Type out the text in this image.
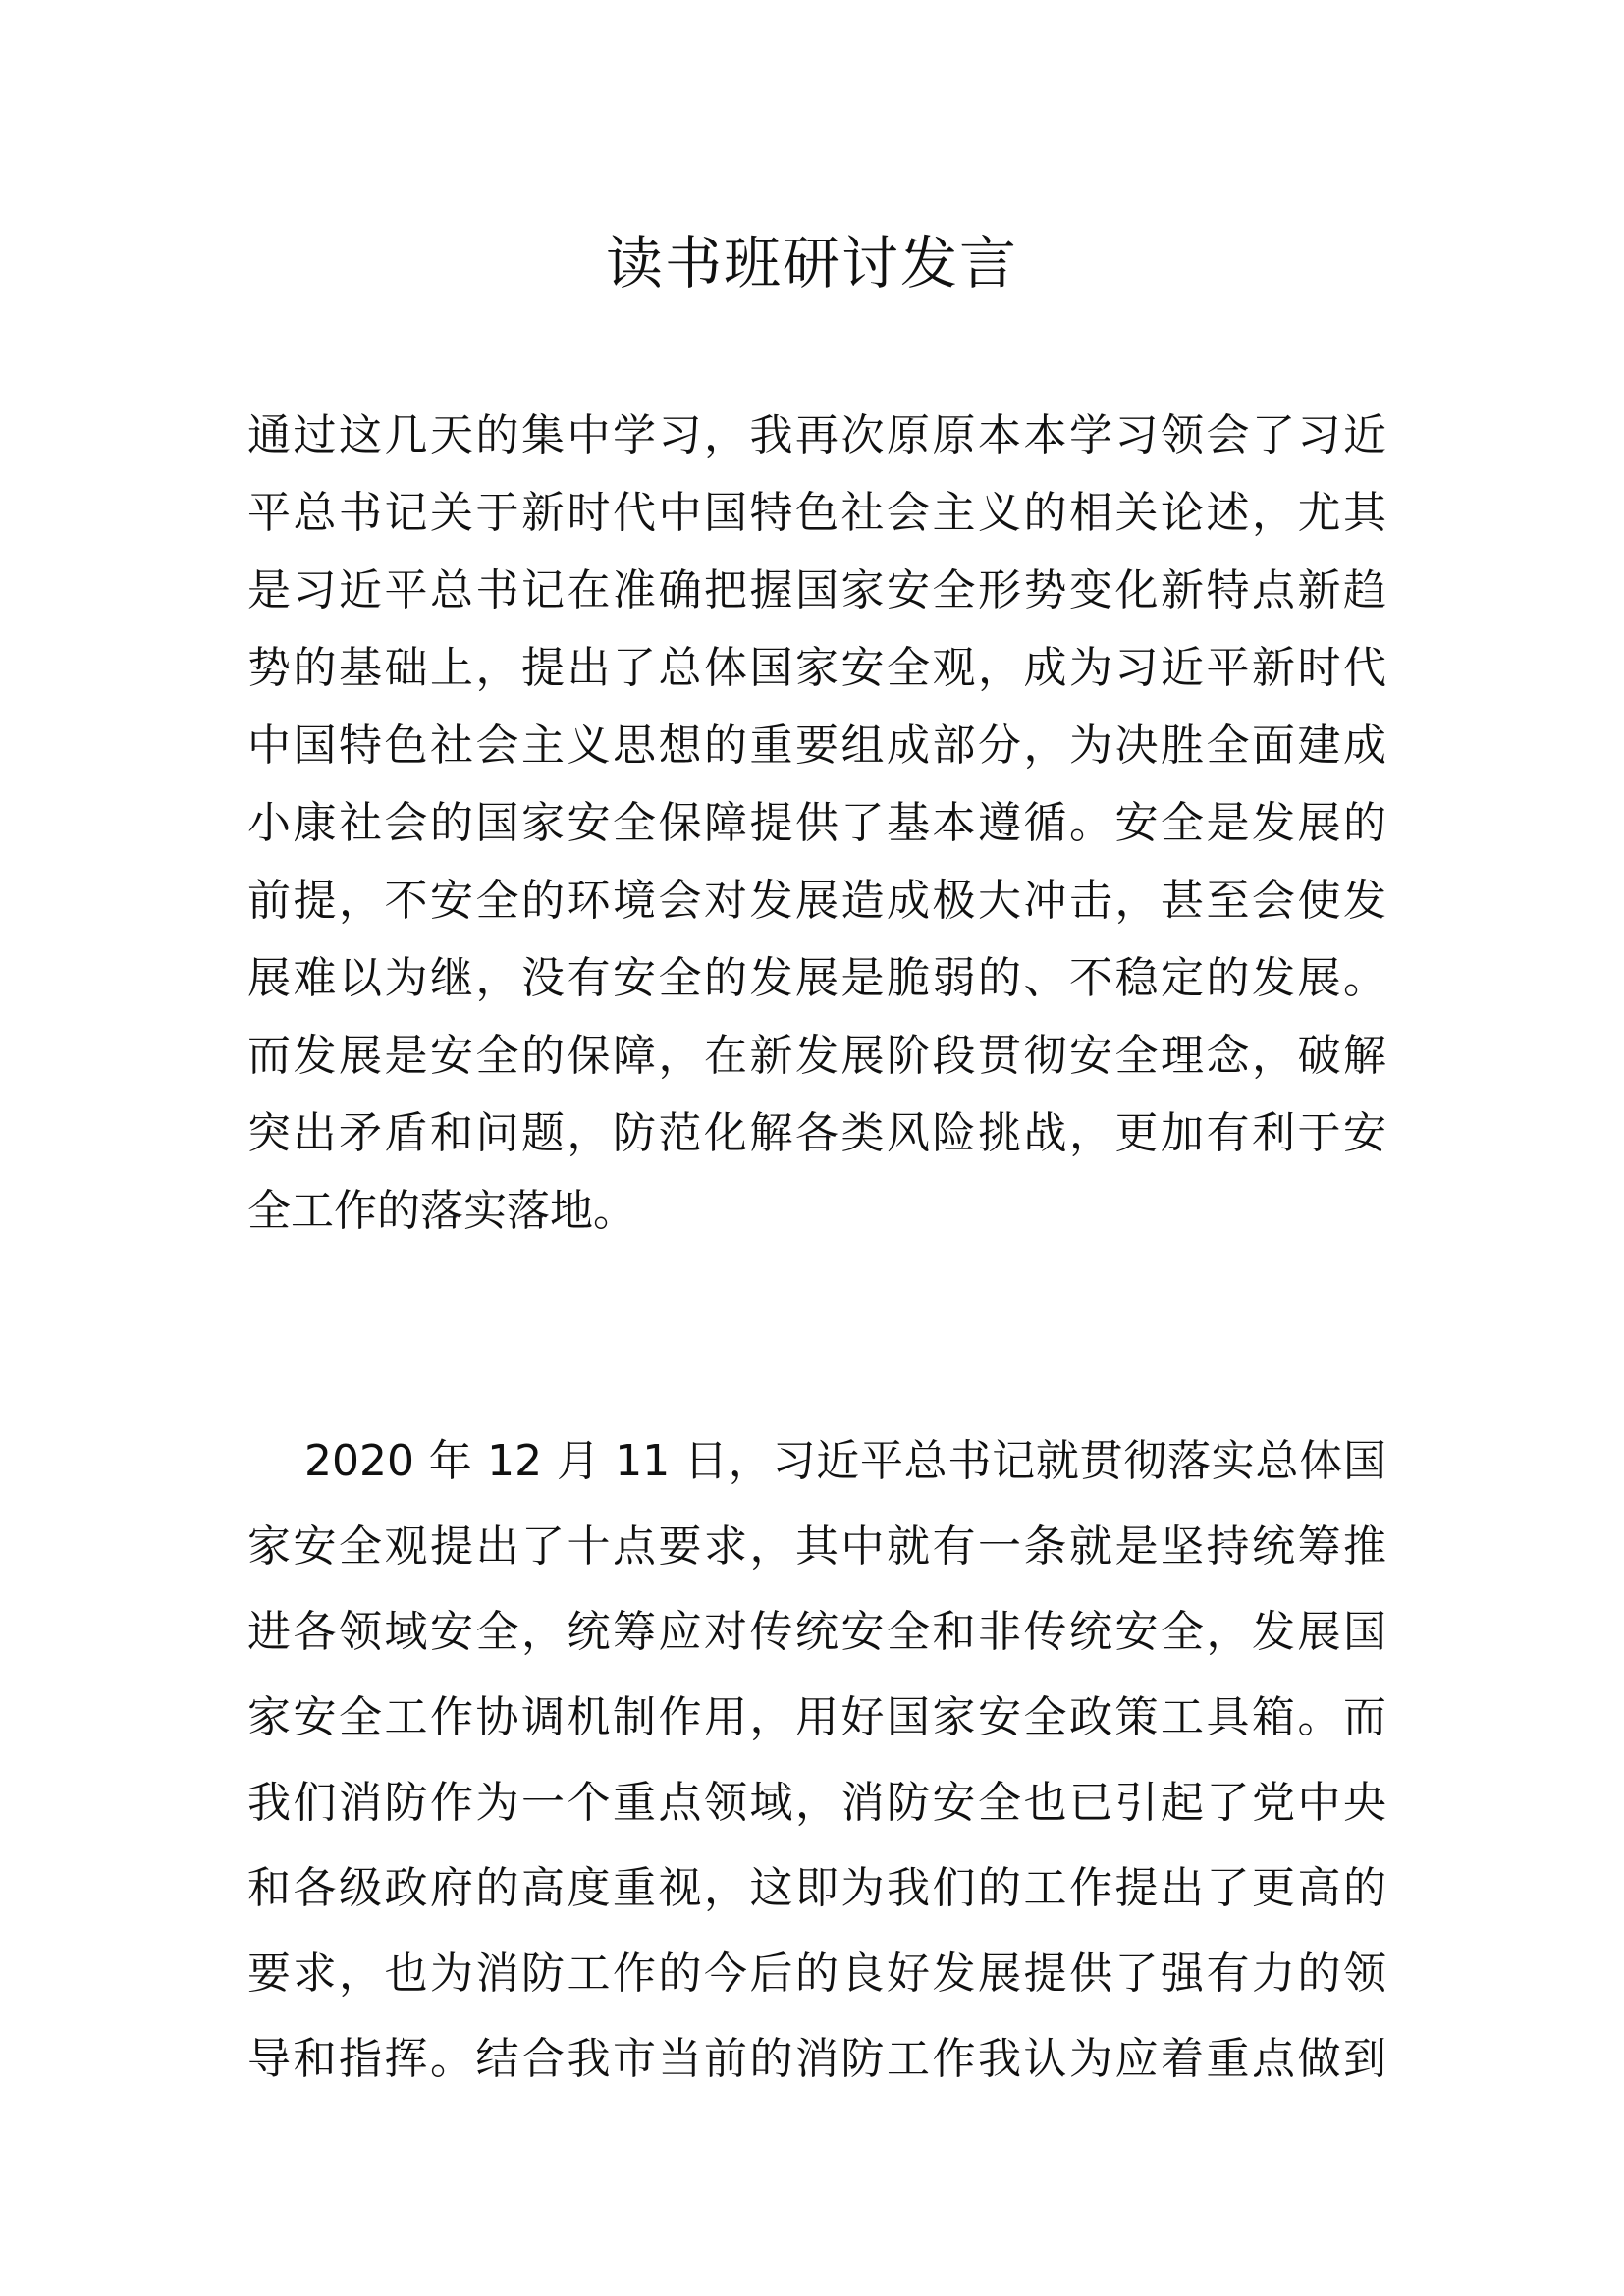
读书班研讨发言
通过这几天的集中学习，我再次原原本本学习领会了习近
平总书记关于新时代中国特色社会主义的相关论述，尤其
是习近平总书记在准确把握国家安全形势变化新特点新趋
势的基础上，提出了总体国家安全观，成为习近平新时代
中国特色社会主义思想的重要组成部分，为决胜全面建成
小康社会的国家安全保障提供了基本遵循。安全是发展的
前提，不安全的环境会对发展造成极大冲击，甚至会使发
展难以为继，没有安全的发展是脆弱的、不稳定的发展。
而发展是安全的保障，在新发展阶段贯彻安全理念，破解
突出矛盾和问题，防范化解各类风险挑战，更加有利于安
全工作的落实落地。
2020 年 12 月 11 日，习近平总书记就贯彻落实总体国
家安全观提出了十点要求，其中就有一条就是坚持统筹推
进各领域安全，统筹应对传统安全和非传统安全，发展国
家安全工作协调机制作用，用好国家安全政策工具箱。而
我们消防作为一个重点领域，消防安全也已引起了党中央
和各级政府的高度重视，这即为我们的工作提出了更高的
要求，也为消防工作的今后的良好发展提供了强有力的领
导和指挥。结合我市当前的消防工作我认为应着重点做到
